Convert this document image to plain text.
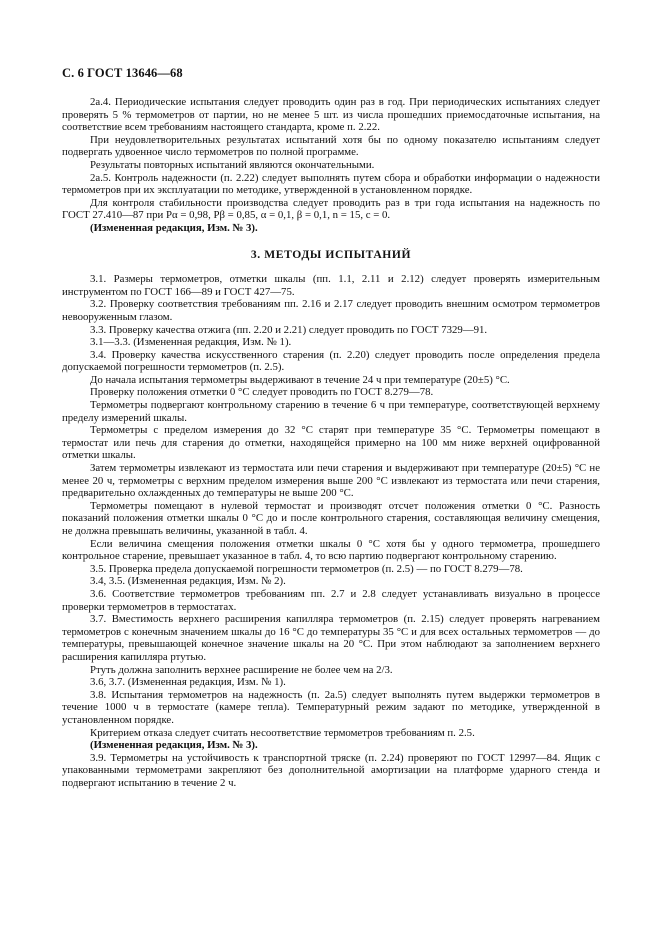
С. 6 ГОСТ 13646—68

2а.4. Периодические испытания следует проводить один раз в год. При периодических испытаниях следует проверять 5 % термометров от партии, но не менее 5 шт. из числа прошедших приемосдаточные испытания, на соответствие всем требованиям настоящего стандарта, кроме п. 2.22.

При неудовлетворительных результатах испытаний хотя бы по одному показателю испытаниям следует подвергать удвоенное число термометров по полной программе.

Результаты повторных испытаний являются окончательными.

2а.5. Контроль надежности (п. 2.22) следует выполнять путем сбора и обработки информации о надежности термометров при их эксплуатации по методике, утвержденной в установленном порядке.

Для контроля стабильности производства следует проводить раз в три года испытания на надежность по ГОСТ 27.410—87 при Pα = 0,98, Pβ = 0,85, α = 0,1, β = 0,1, n = 15, c = 0.

(Измененная редакция, Изм. № 3).

3. МЕТОДЫ ИСПЫТАНИЙ

3.1. Размеры термометров, отметки шкалы (пп. 1.1, 2.11 и 2.12) следует проверять измерительным инструментом по ГОСТ 166—89 и ГОСТ 427—75.

3.2. Проверку соответствия требованиям пп. 2.16 и 2.17 следует проводить внешним осмотром термометров невооруженным глазом.

3.3. Проверку качества отжига (пп. 2.20 и 2.21) следует проводить по ГОСТ 7329—91.

3.1—3.3. (Измененная редакция, Изм. № 1).

3.4. Проверку качества искусственного старения (п. 2.20) следует проводить после определения предела допускаемой погрешности термометров (п. 2.5).

До начала испытания термометры выдерживают в течение 24 ч при температуре (20±5) °С.

Проверку положения отметки 0 °С следует проводить по ГОСТ 8.279—78.

Термометры подвергают контрольному старению в течение 6 ч при температуре, соответствующей верхнему пределу измерений шкалы.

Термометры с пределом измерения до 32 °С старят при температуре 35 °С. Термометры помещают в термостат или печь для старения до отметки, находящейся примерно на 100 мм ниже верхней оцифрованной отметки шкалы.

Затем термометры извлекают из термостата или печи старения и выдерживают при температуре (20±5) °С не менее 20 ч, термометры с верхним пределом измерения выше 200 °С извлекают из термостата или печи старения, предварительно охлажденных до температуры не выше 200 °С.

Термометры помещают в нулевой термостат и производят отсчет положения отметки 0 °С. Разность показаний положения отметки шкалы 0 °С до и после контрольного старения, составляющая величину смещения, не должна превышать величины, указанной в табл. 4.

Если величина смещения положения отметки шкалы 0 °С хотя бы у одного термометра, прошедшего контрольное старение, превышает указанное в табл. 4, то всю партию подвергают контрольному старению.

3.5. Проверка предела допускаемой погрешности термометров (п. 2.5) — по ГОСТ 8.279—78.

3.4, 3.5. (Измененная редакция, Изм. № 2).

3.6. Соответствие термометров требованиям пп. 2.7 и 2.8 следует устанавливать визуально в процессе проверки термометров в термостатах.

3.7. Вместимость верхнего расширения капилляра термометров (п. 2.15) следует проверять нагреванием термометров с конечным значением шкалы до 16 °С до температуры 35 °С и для всех остальных термометров — до температуры, превышающей конечное значение шкалы на 20 °С. При этом наблюдают за заполнением верхнего расширения капилляра ртутью.

Ртуть должна заполнить верхнее расширение не более чем на 2/3.

3.6, 3.7. (Измененная редакция, Изм. № 1).

3.8. Испытания термометров на надежность (п. 2а.5) следует выполнять путем выдержки термометров в течение 1000 ч в термостате (камере тепла). Температурный режим задают по методике, утвержденной в установленном порядке.

Критерием отказа следует считать несоответствие термометров требованиям п. 2.5.

(Измененная редакция, Изм. № 3).

3.9. Термометры на устойчивость к транспортной тряске (п. 2.24) проверяют по ГОСТ 12997—84. Ящик с упакованными термометрами закрепляют без дополнительной амортизации на платформе ударного стенда и подвергают испытанию в течение 2 ч.
